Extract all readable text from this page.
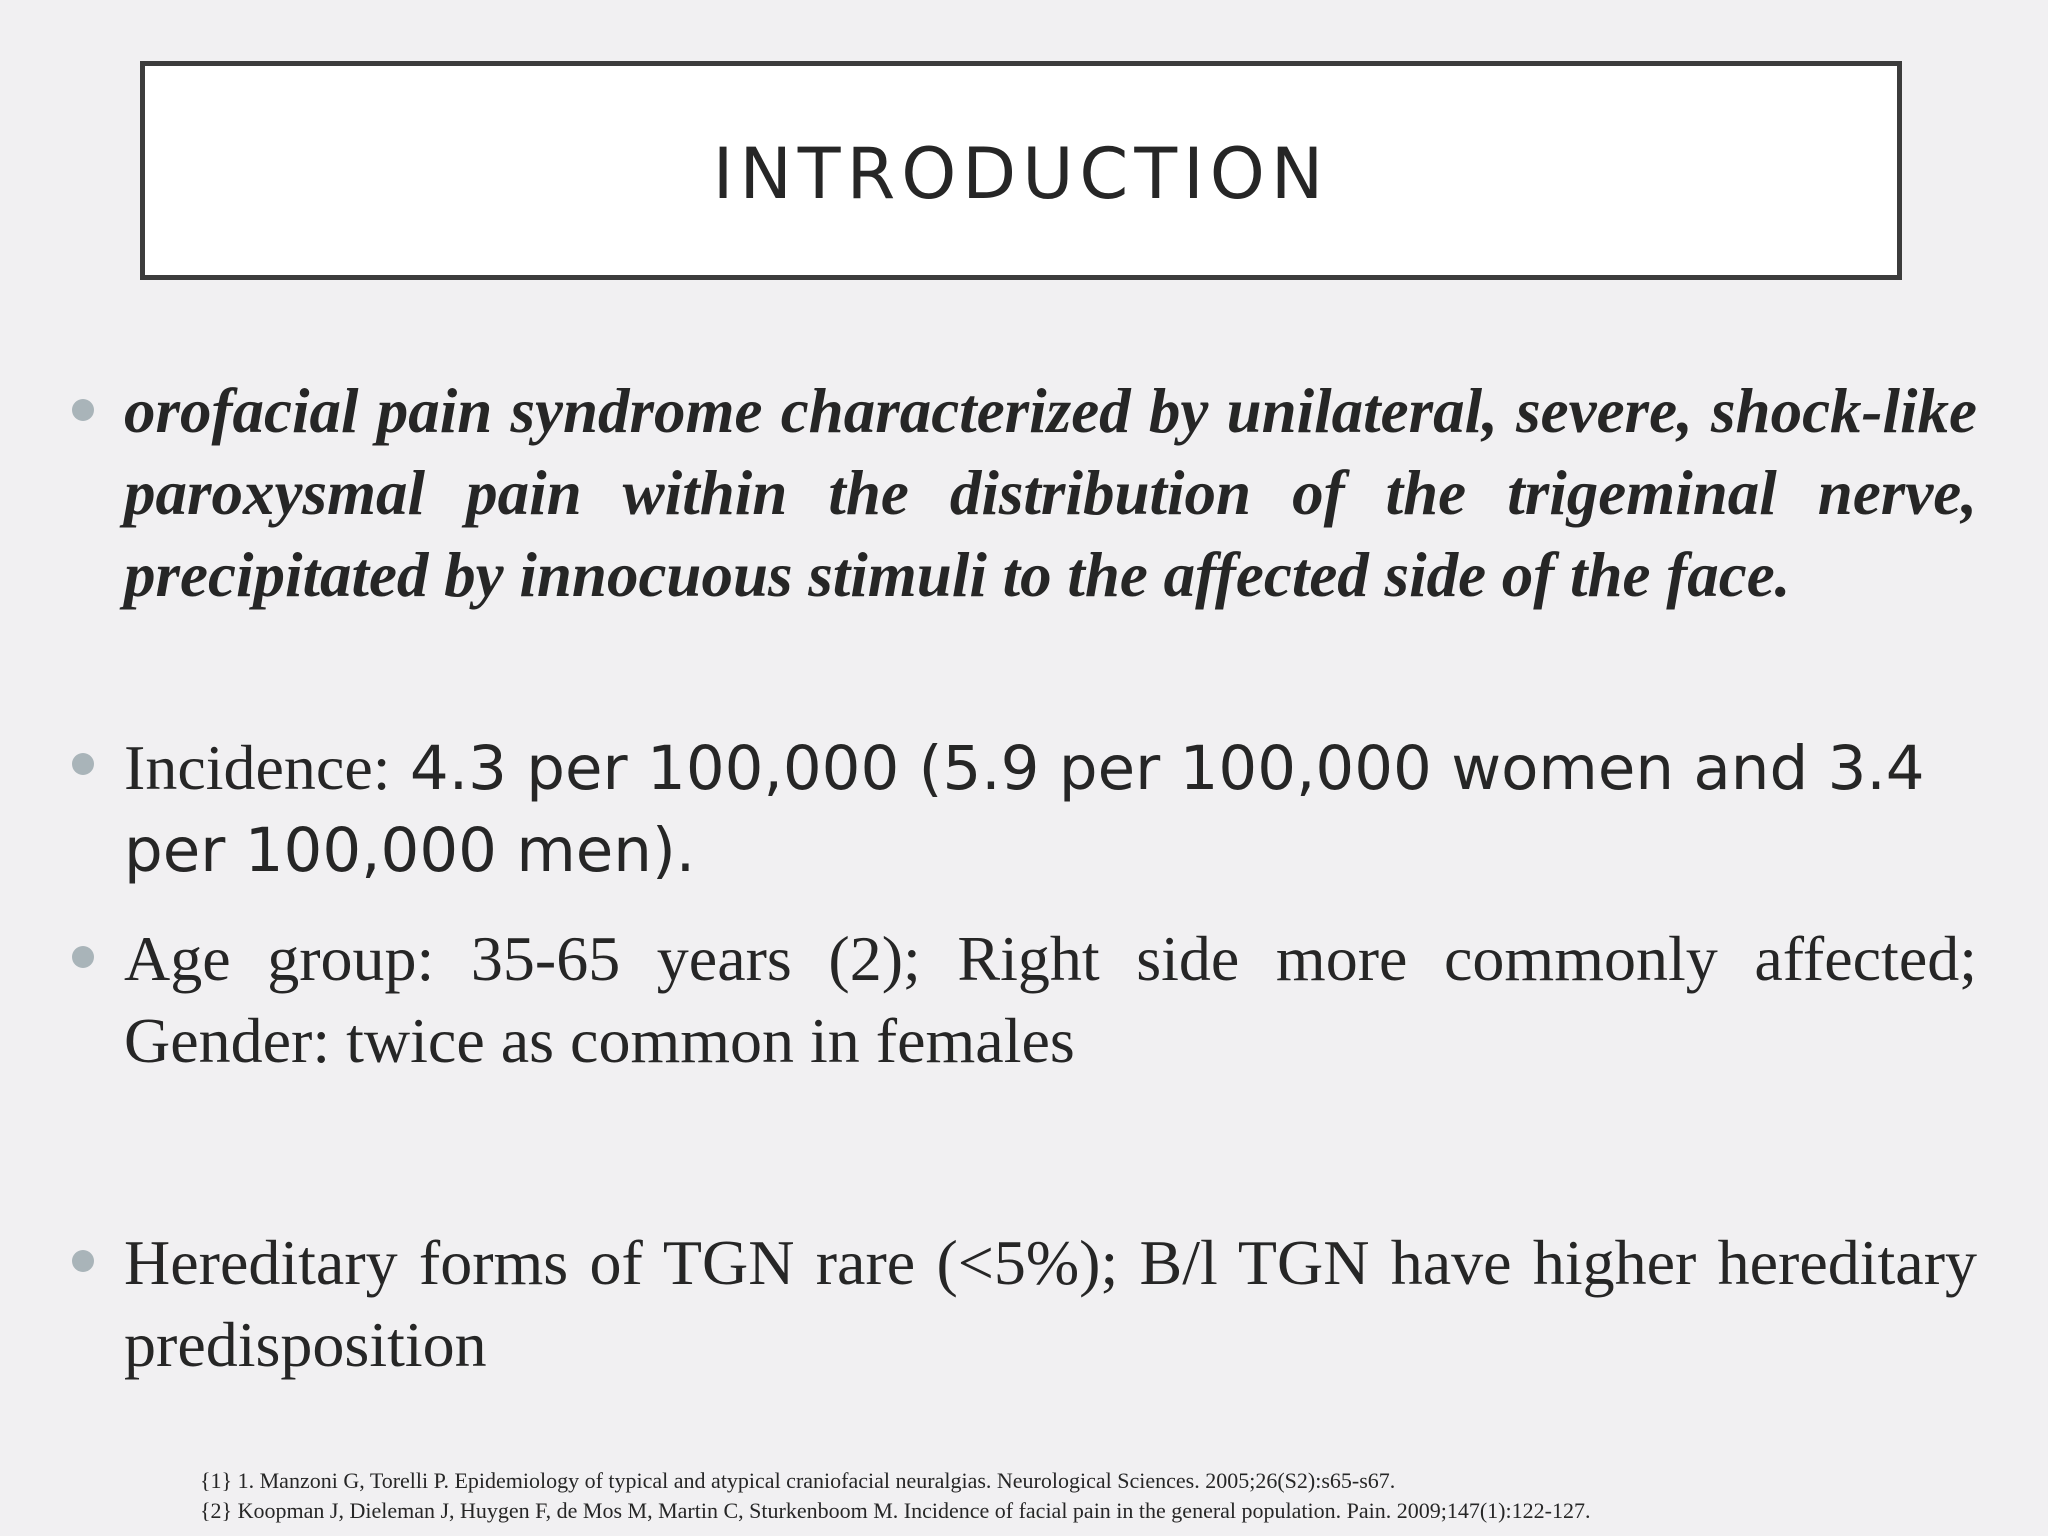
INTRODUCTION

orofacial pain syndrome characterized by unilateral, severe, shock-like paroxysmal pain within the distribution of the trigeminal nerve, precipitated by innocuous stimuli to the affected side of the face.

Incidence: 4.3 per 100,000 (5.9 per 100,000 women and 3.4 per 100,000 men).

Age group: 35-65 years (2); Right side more commonly affected; Gender: twice as common in females

Hereditary forms of TGN rare (<5%); B/l TGN have higher hereditary predisposition

{1} 1. Manzoni G, Torelli P. Epidemiology of typical and atypical craniofacial neuralgias. Neurological Sciences. 2005;26(S2):s65-s67.
{2} Koopman J, Dieleman J, Huygen F, de Mos M, Martin C, Sturkenboom M. Incidence of facial pain in the general population. Pain. 2009;147(1):122-127.
